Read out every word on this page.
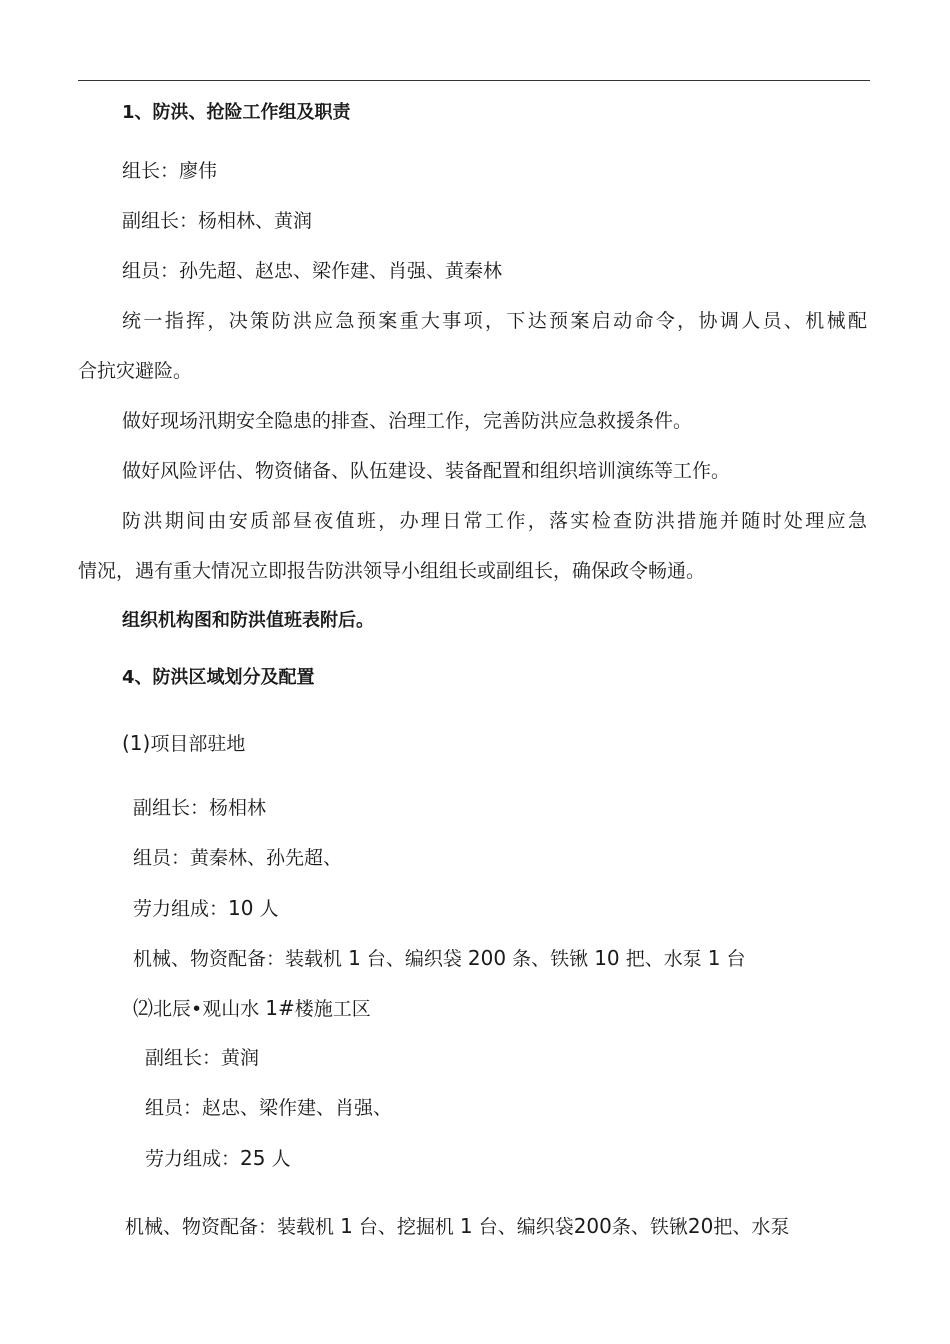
1、防洪、抢险工作组及职责
组长：廖伟
副组长：杨相林、黄润
组员：孙先超、赵忠、梁作建、肖强、黄秦林
统一指挥，决策防洪应急预案重大事项，下达预案启动命令，协调人员、机械配
合抗灾避险。
做好现场汛期安全隐患的排查、治理工作，完善防洪应急救援条件。
做好风险评估、物资储备、队伍建设、装备配置和组织培训演练等工作。
防洪期间由安质部昼夜值班，办理日常工作，落实检查防洪措施并随时处理应急
情况，遇有重大情况立即报告防洪领导小组组长或副组长，确保政令畅通。
组织机构图和防洪值班表附后。
4、防洪区域划分及配置
(1)项目部驻地
副组长：杨相林
组员：黄秦林、孙先超、
劳力组成：10 人
机械、物资配备：装载机 1 台、编织袋 200 条、铁锹 10 把、水泵 1 台
⑵北辰•观山水 1#楼施工区
副组长：黄润
组员：赵忠、梁作建、肖强、
劳力组成：25 人
机械、物资配备：装载机 1 台、挖掘机 1 台、编织袋200条、铁锹20把、水泵
